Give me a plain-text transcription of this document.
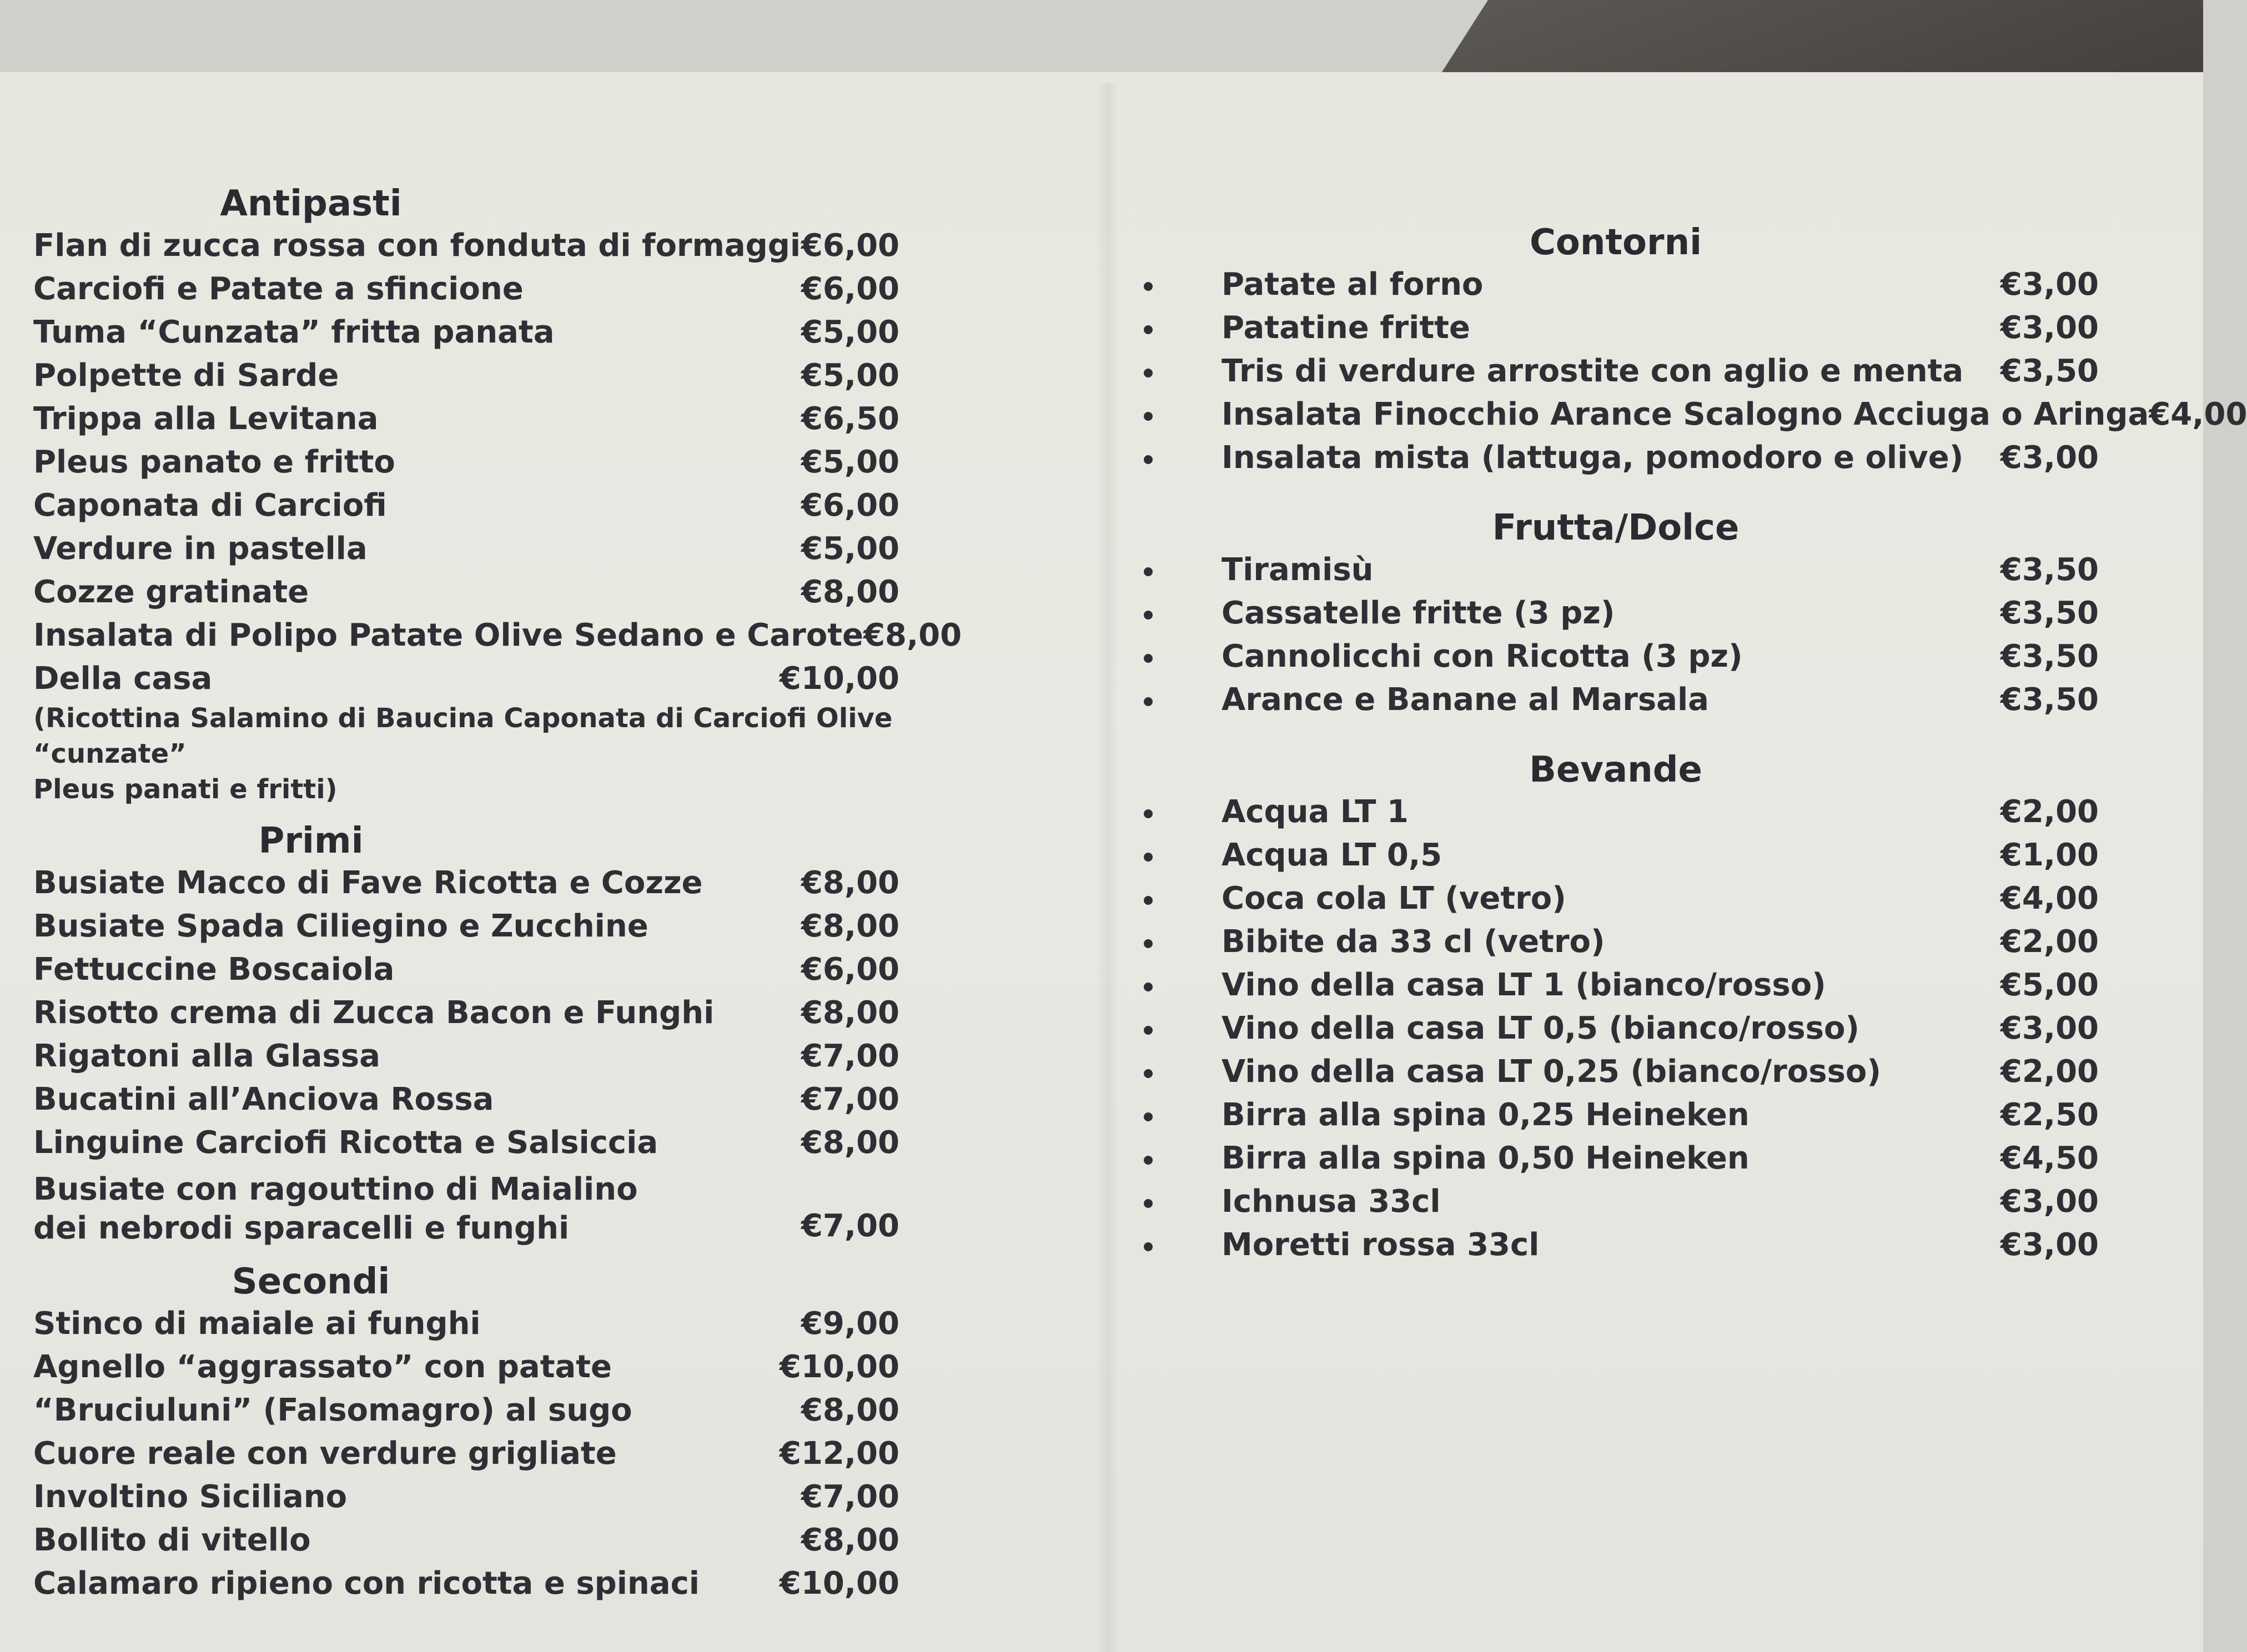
Antipasti
Flan di zucca rossa con fonduta di formaggi €6,00
Carciofi e Patate a sfincione	€6,00
Tuma “Cunzata” fritta panata	€5,00
Polpette di Sarde	€5,00
Trippa alla Levitana	€6,50
Pleus panato e fritto	€5,00
Caponata di Carciofi	€6,00
Verdure in pastella	€5,00
Cozze gratinate	€8,00
Insalata di Polipo Patate Olive Sedano e Carote €8,00
Della casa	€10,00
(Ricottina Salamino di Baucina Caponata di Carciofi Olive “cunzate”
Pleus panati e fritti)
Primi
Busiate Macco di Fave Ricotta e Cozze	€8,00
Busiate Spada Ciliegino e Zucchine	€8,00
Fettuccine Boscaiola	€6,00
Risotto crema di Zucca Bacon e Funghi	€8,00
Rigatoni alla Glassa	€7,00
Bucatini all’Anciova Rossa	€7,00
Linguine Carciofi Ricotta e Salsiccia	€8,00
Busiate con ragouttino di Maialino dei nebrodi sparacelli e funghi	€7,00
Secondi
Stinco di maiale ai funghi	€9,00
Agnello “aggrassato” con patate	€10,00
“Bruciuluni” (Falsomagro) al sugo	€8,00
Cuore reale con verdure grigliate	€12,00
Involtino Siciliano	€7,00
Bollito di vitello	€8,00
Calamaro ripieno con ricotta e spinaci	€10,00
Contorni
Patate al forno	€3,00
Patatine fritte	€3,00
Tris di verdure arrostite con aglio e menta €3,50
Insalata Finocchio Arance Scalogno Acciuga o Aringa €4,00
Insalata mista (lattuga, pomodoro e olive) €3,00
Frutta/Dolce
Tiramisù	€3,50
Cassatelle fritte (3 pz)	€3,50
Cannolicchi con Ricotta (3 pz)	€3,50
Arance e Banane al Marsala	€3,50
Bevande
Acqua LT 1	€2,00
Acqua LT 0,5	€1,00
Coca cola LT (vetro)	€4,00
Bibite da 33 cl (vetro)	€2,00
Vino della casa LT 1 (bianco/rosso)	€5,00
Vino della casa LT 0,5 (bianco/rosso)	€3,00
Vino della casa LT 0,25 (bianco/rosso)	€2,00
Birra alla spina 0,25 Heineken	€2,50
Birra alla spina 0,50 Heineken	€4,50
Ichnusa 33cl	€3,00
Moretti rossa 33cl	€3,00
